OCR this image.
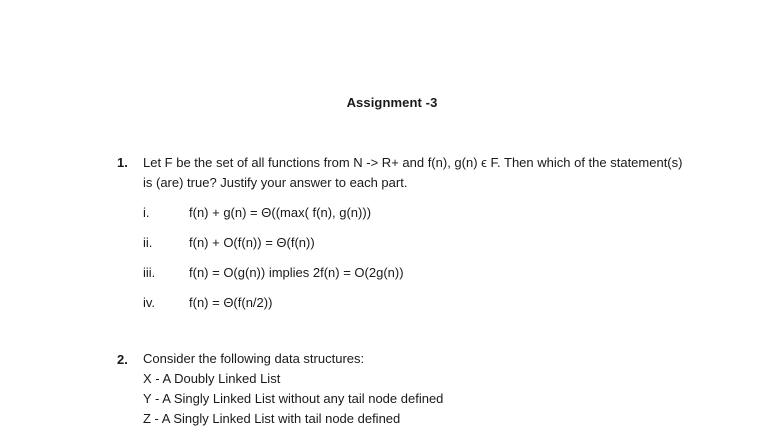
Assignment -3
1. Let F be the set of all functions from N -> R+ and f(n), g(n) ϵ F. Then which of the statement(s)
is (are) true? Justify your answer to each part.
i.	f(n) + g(n) = Θ((max( f(n), g(n)))
ii.	f(n) + O(f(n)) = Θ(f(n))
iii.	f(n) = O(g(n)) implies 2f(n) = O(2g(n))
iv.	f(n) = Θ(f(n/2))
2. Consider the following data structures:
X - A Doubly Linked List
Y - A Singly Linked List without any tail node defined
Z - A Singly Linked List with tail node defined
